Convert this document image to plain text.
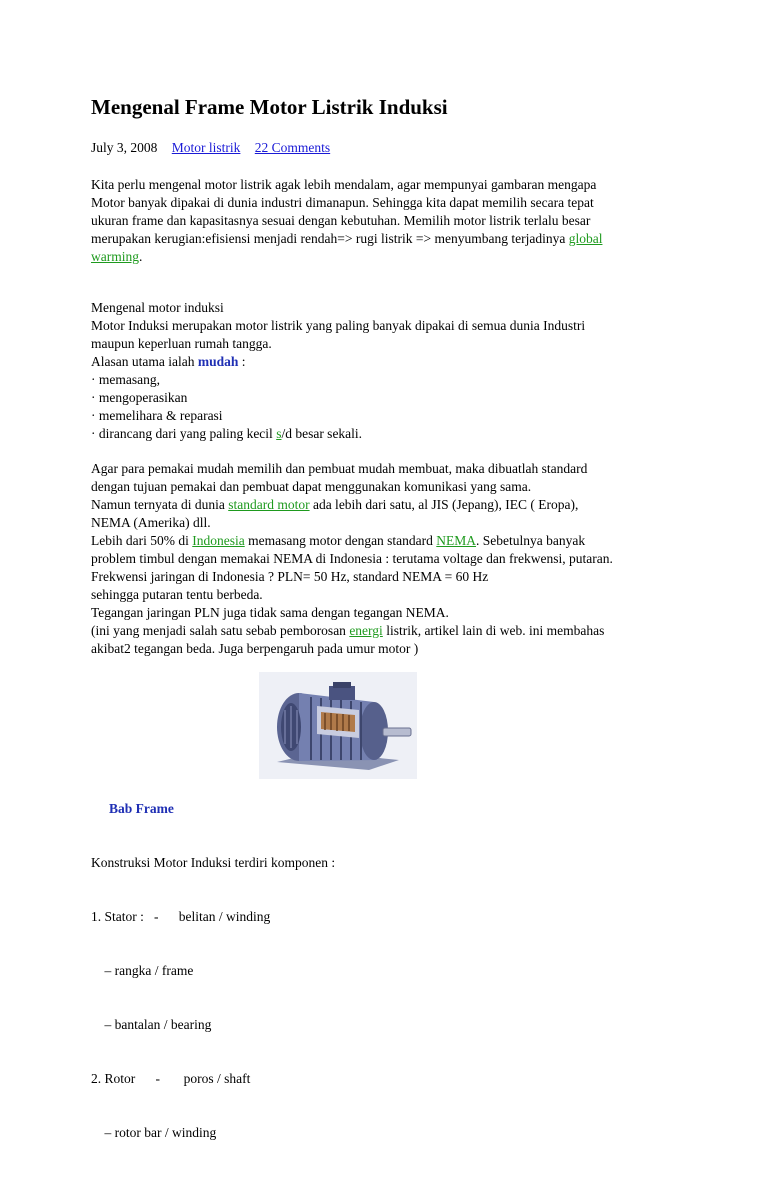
Mengenal Frame Motor Listrik Induksi
July 3, 2008 Motor listrik 22 Comments
Kita perlu mengenal motor listrik agak lebih mendalam, agar mempunyai gambaran mengapa
Motor banyak dipakai di dunia industri dimanapun. Sehingga kita dapat memilih secara tepat
ukuran frame dan kapasitasnya sesuai dengan kebutuhan. Memilih motor listrik terlalu besar
merupakan kerugian:efisiensi menjadi rendah=> rugi listrik => menyumbang terjadinya global
warming.
Mengenal motor induksi
Motor Induksi merupakan motor listrik yang paling banyak dipakai di semua dunia Industri
maupun keperluan rumah tangga.
Alasan utama ialah mudah :
· memasang,
· mengoperasikan
· memelihara & reparasi
· dirancang dari yang paling kecil s/d besar sekali.
Agar para pemakai mudah memilih dan pembuat mudah membuat, maka dibuatlah standard
dengan tujuan pemakai dan pembuat dapat menggunakan komunikasi yang sama.
Namun ternyata di dunia standard motor ada lebih dari satu, al JIS (Jepang), IEC ( Eropa),
NEMA (Amerika) dll.
Lebih dari 50% di Indonesia memasang motor dengan standard NEMA. Sebetulnya banyak
problem timbul dengan memakai NEMA di Indonesia : terutama voltage dan frekwensi, putaran.
Frekwensi jaringan di Indonesia ? PLN= 50 Hz, standard NEMA = 60 Hz
sehingga putaran tentu berbeda.
Tegangan jaringan PLN juga tidak sama dengan tegangan NEMA.
(ini yang menjadi salah satu sebab pemborosan energi listrik, artikel lain di web. ini membahas
akibat2 tegangan beda. Juga berpengaruh pada umur motor )
Bab Frame

Konstruksi Motor Induksi terdiri komponen :

1. Stator :   -      belitan / winding

– rangka / frame

– bantalan / bearing

2. Rotor      -       poros / shaft

– rotor bar / winding
